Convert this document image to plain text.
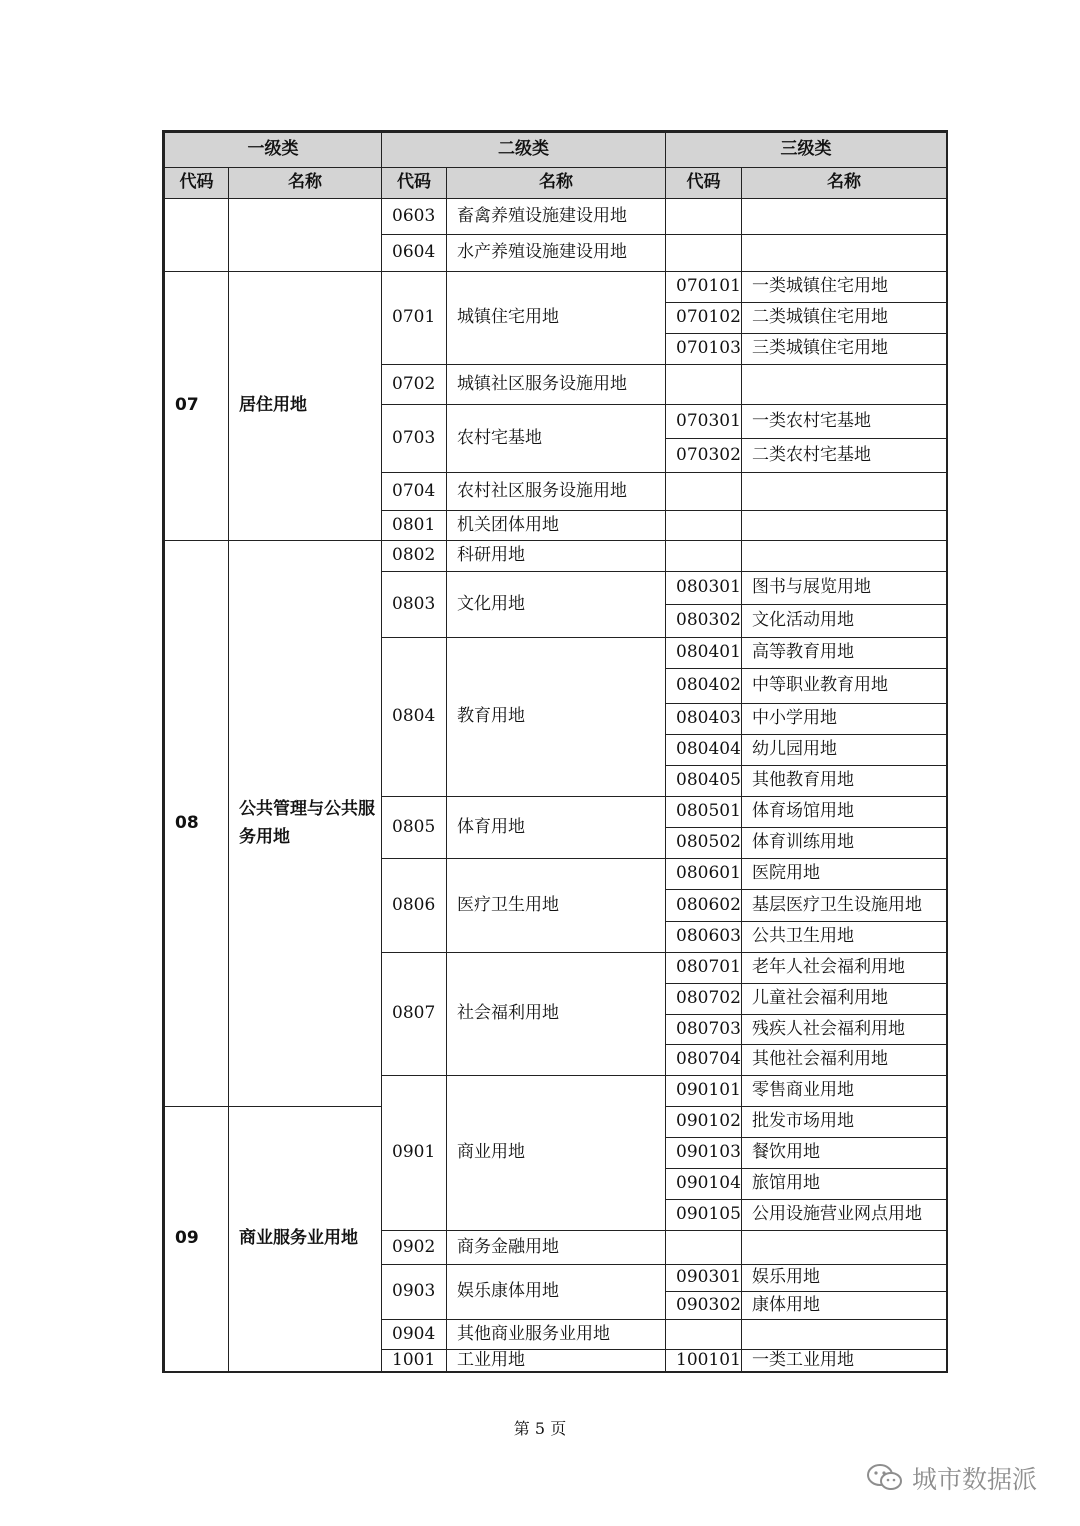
一级类		二级类		三级类	
代码	名称	代码	名称	代码	名称
		0603	畜禽养殖设施建设用地		
		0604	水产养殖设施建设用地		
07	居住用地	0701	城镇住宅用地	070101	一类城镇住宅用地
				070102	二类城镇住宅用地
				070103	三类城镇住宅用地
		0702	城镇社区服务设施用地		
		0703	农村宅基地	070301	一类农村宅基地
				070302	二类农村宅基地
		0704	农村社区服务设施用地		
		0801	机关团体用地		
08	公共管理与公共服务用地	0802	科研用地		
		0803	文化用地	080301	图书与展览用地
				080302	文化活动用地
		0804	教育用地	080401	高等教育用地
				080402	中等职业教育用地
				080403	中小学用地
				080404	幼儿园用地
				080405	其他教育用地
		0805	体育用地	080501	体育场馆用地
				080502	体育训练用地
		0806	医疗卫生用地	080601	医院用地
				080602	基层医疗卫生设施用地
				080603	公共卫生用地
		0807	社会福利用地	080701	老年人社会福利用地
				080702	儿童社会福利用地
				080703	残疾人社会福利用地
				080704	其他社会福利用地
		0901	商业用地	090101	零售商业用地
09	商业服务业用地			090102	批发市场用地
				090103	餐饮用地
				090104	旅馆用地
				090105	公用设施营业网点用地
		0902	商务金融用地		
		0903	娱乐康体用地	090301	娱乐用地
				090302	康体用地
		0904	其他商业服务业用地		
		1001	工业用地	100101	一类工业用地
第 5 页
城市数据派
